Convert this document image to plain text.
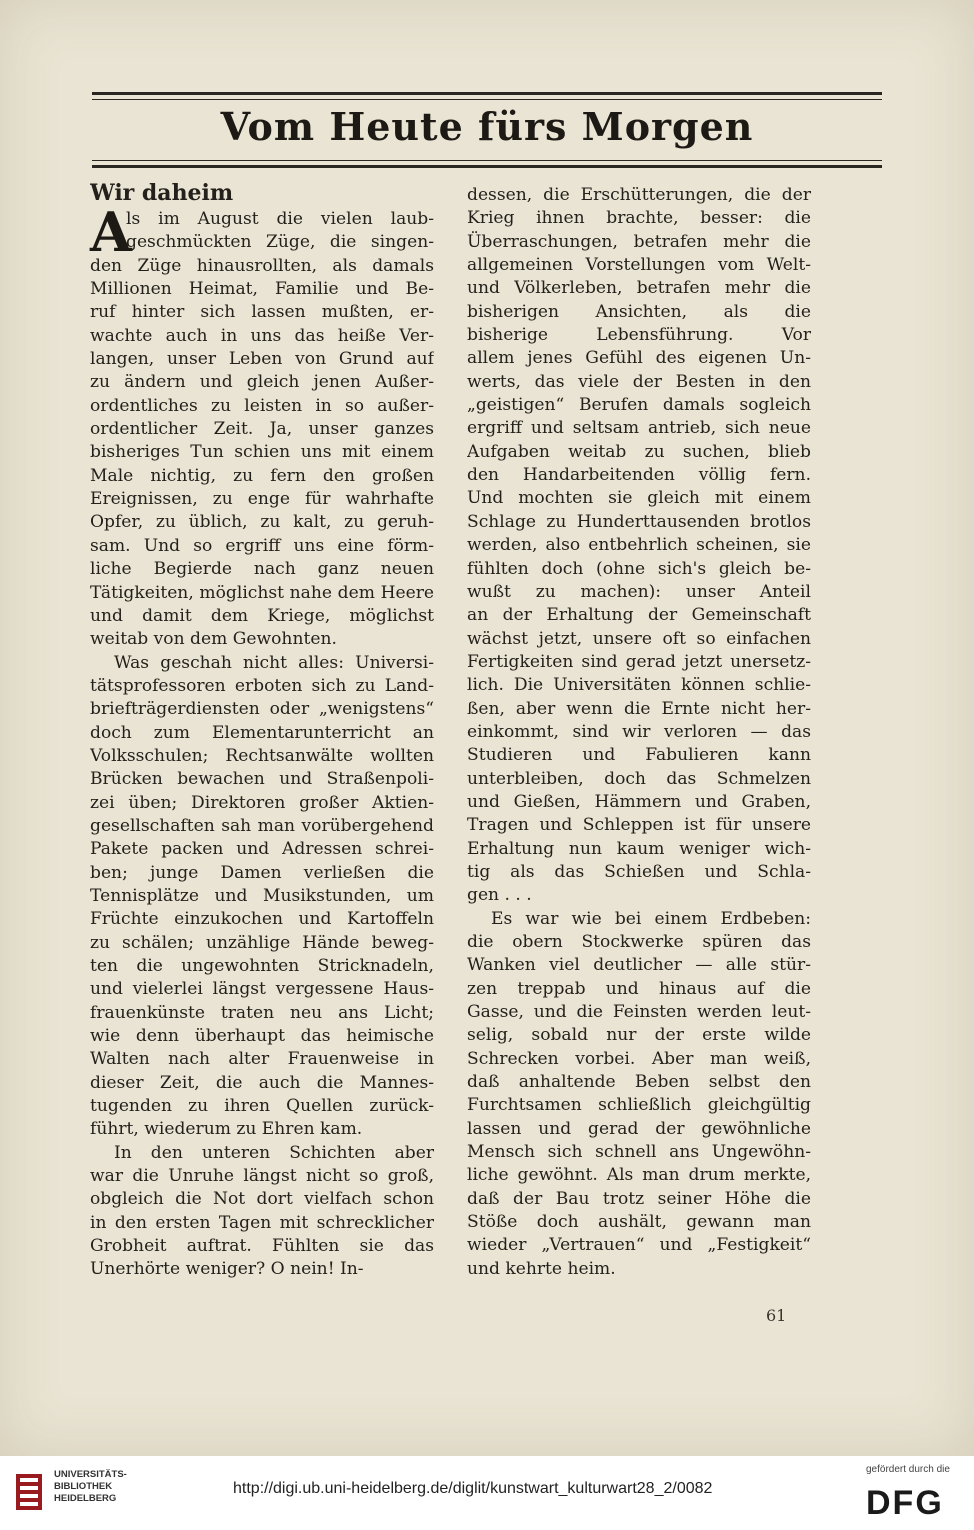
Vom Heute fürs Morgen
Wir daheim
A
ls im August die vielen laub-
geschmückten Züge, die singen-
den Züge hinausrollten, als damals
Millionen Heimat, Familie und Be-
ruf hinter sich lassen mußten, er-
wachte auch in uns das heiße Ver-
langen, unser Leben von Grund auf
zu ändern und gleich jenen Außer-
ordentliches zu leisten in so außer-
ordentlicher Zeit. Ja, unser ganzes
bisheriges Tun schien uns mit einem
Male nichtig, zu fern den großen
Ereignissen, zu enge für wahrhafte
Opfer, zu üblich, zu kalt, zu geruh-
sam. Und so ergriff uns eine förm-
liche Begierde nach ganz neuen
Tätigkeiten, möglichst nahe dem Heere
und damit dem Kriege, möglichst
weitab von dem Gewohnten.
Was geschah nicht alles: Universi-
tätsprofessoren erboten sich zu Land-
briefträgerdiensten oder „wenigstens“
doch zum Elementarunterricht an
Volksschulen; Rechtsanwälte wollten
Brücken bewachen und Straßenpoli-
zei üben; Direktoren großer Aktien-
gesellschaften sah man vorübergehend
Pakete packen und Adressen schrei-
ben; junge Damen verließen die
Tennisplätze und Musikstunden, um
Früchte einzukochen und Kartoffeln
zu schälen; unzählige Hände beweg-
ten die ungewohnten Stricknadeln,
und vielerlei längst vergessene Haus-
frauenkünste traten neu ans Licht;
wie denn überhaupt das heimische
Walten nach alter Frauenweise in
dieser Zeit, die auch die Mannes-
tugenden zu ihren Quellen zurück-
führt, wiederum zu Ehren kam.
In den unteren Schichten aber
war die Unruhe längst nicht so groß,
obgleich die Not dort vielfach schon
in den ersten Tagen mit schrecklicher
Grobheit auftrat. Fühlten sie das
Unerhörte weniger? O nein! In-
dessen, die Erschütterungen, die der
Krieg ihnen brachte, besser: die
Überraschungen, betrafen mehr die
allgemeinen Vorstellungen vom Welt-
und Völkerleben, betrafen mehr die
bisherigen Ansichten, als die
bisherige Lebensführung. Vor
allem jenes Gefühl des eigenen Un-
werts, das viele der Besten in den
„geistigen“ Berufen damals sogleich
ergriff und seltsam antrieb, sich neue
Aufgaben weitab zu suchen, blieb
den Handarbeitenden völlig fern.
Und mochten sie gleich mit einem
Schlage zu Hunderttausenden brotlos
werden, also entbehrlich scheinen, sie
fühlten doch (ohne sich's gleich be-
wußt zu machen): unser Anteil
an der Erhaltung der Gemeinschaft
wächst jetzt, unsere oft so einfachen
Fertigkeiten sind gerad jetzt unersetz-
lich. Die Universitäten können schlie-
ßen, aber wenn die Ernte nicht her-
einkommt, sind wir verloren — das
Studieren und Fabulieren kann
unterbleiben, doch das Schmelzen
und Gießen, Hämmern und Graben,
Tragen und Schleppen ist für unsere
Erhaltung nun kaum weniger wich-
tig als das Schießen und Schla-
gen . . .
Es war wie bei einem Erdbeben:
die obern Stockwerke spüren das
Wanken viel deutlicher — alle stür-
zen treppab und hinaus auf die
Gasse, und die Feinsten werden leut-
selig, sobald nur der erste wilde
Schrecken vorbei. Aber man weiß,
daß anhaltende Beben selbst den
Furchtsamen schließlich gleichgültig
lassen und gerad der gewöhnliche
Mensch sich schnell ans Ungewöhn-
liche gewöhnt. Als man drum merkte,
daß der Bau trotz seiner Höhe die
Stöße doch aushält, gewann man
wieder „Vertrauen“ und „Festigkeit“
und kehrte heim.
61
UNIVERSITÄTS-
BIBLIOTHEK
HEIDELBERG
http://digi.ub.uni-heidelberg.de/diglit/kunstwart_kulturwart28_2/0082
gefördert durch die
DFG
